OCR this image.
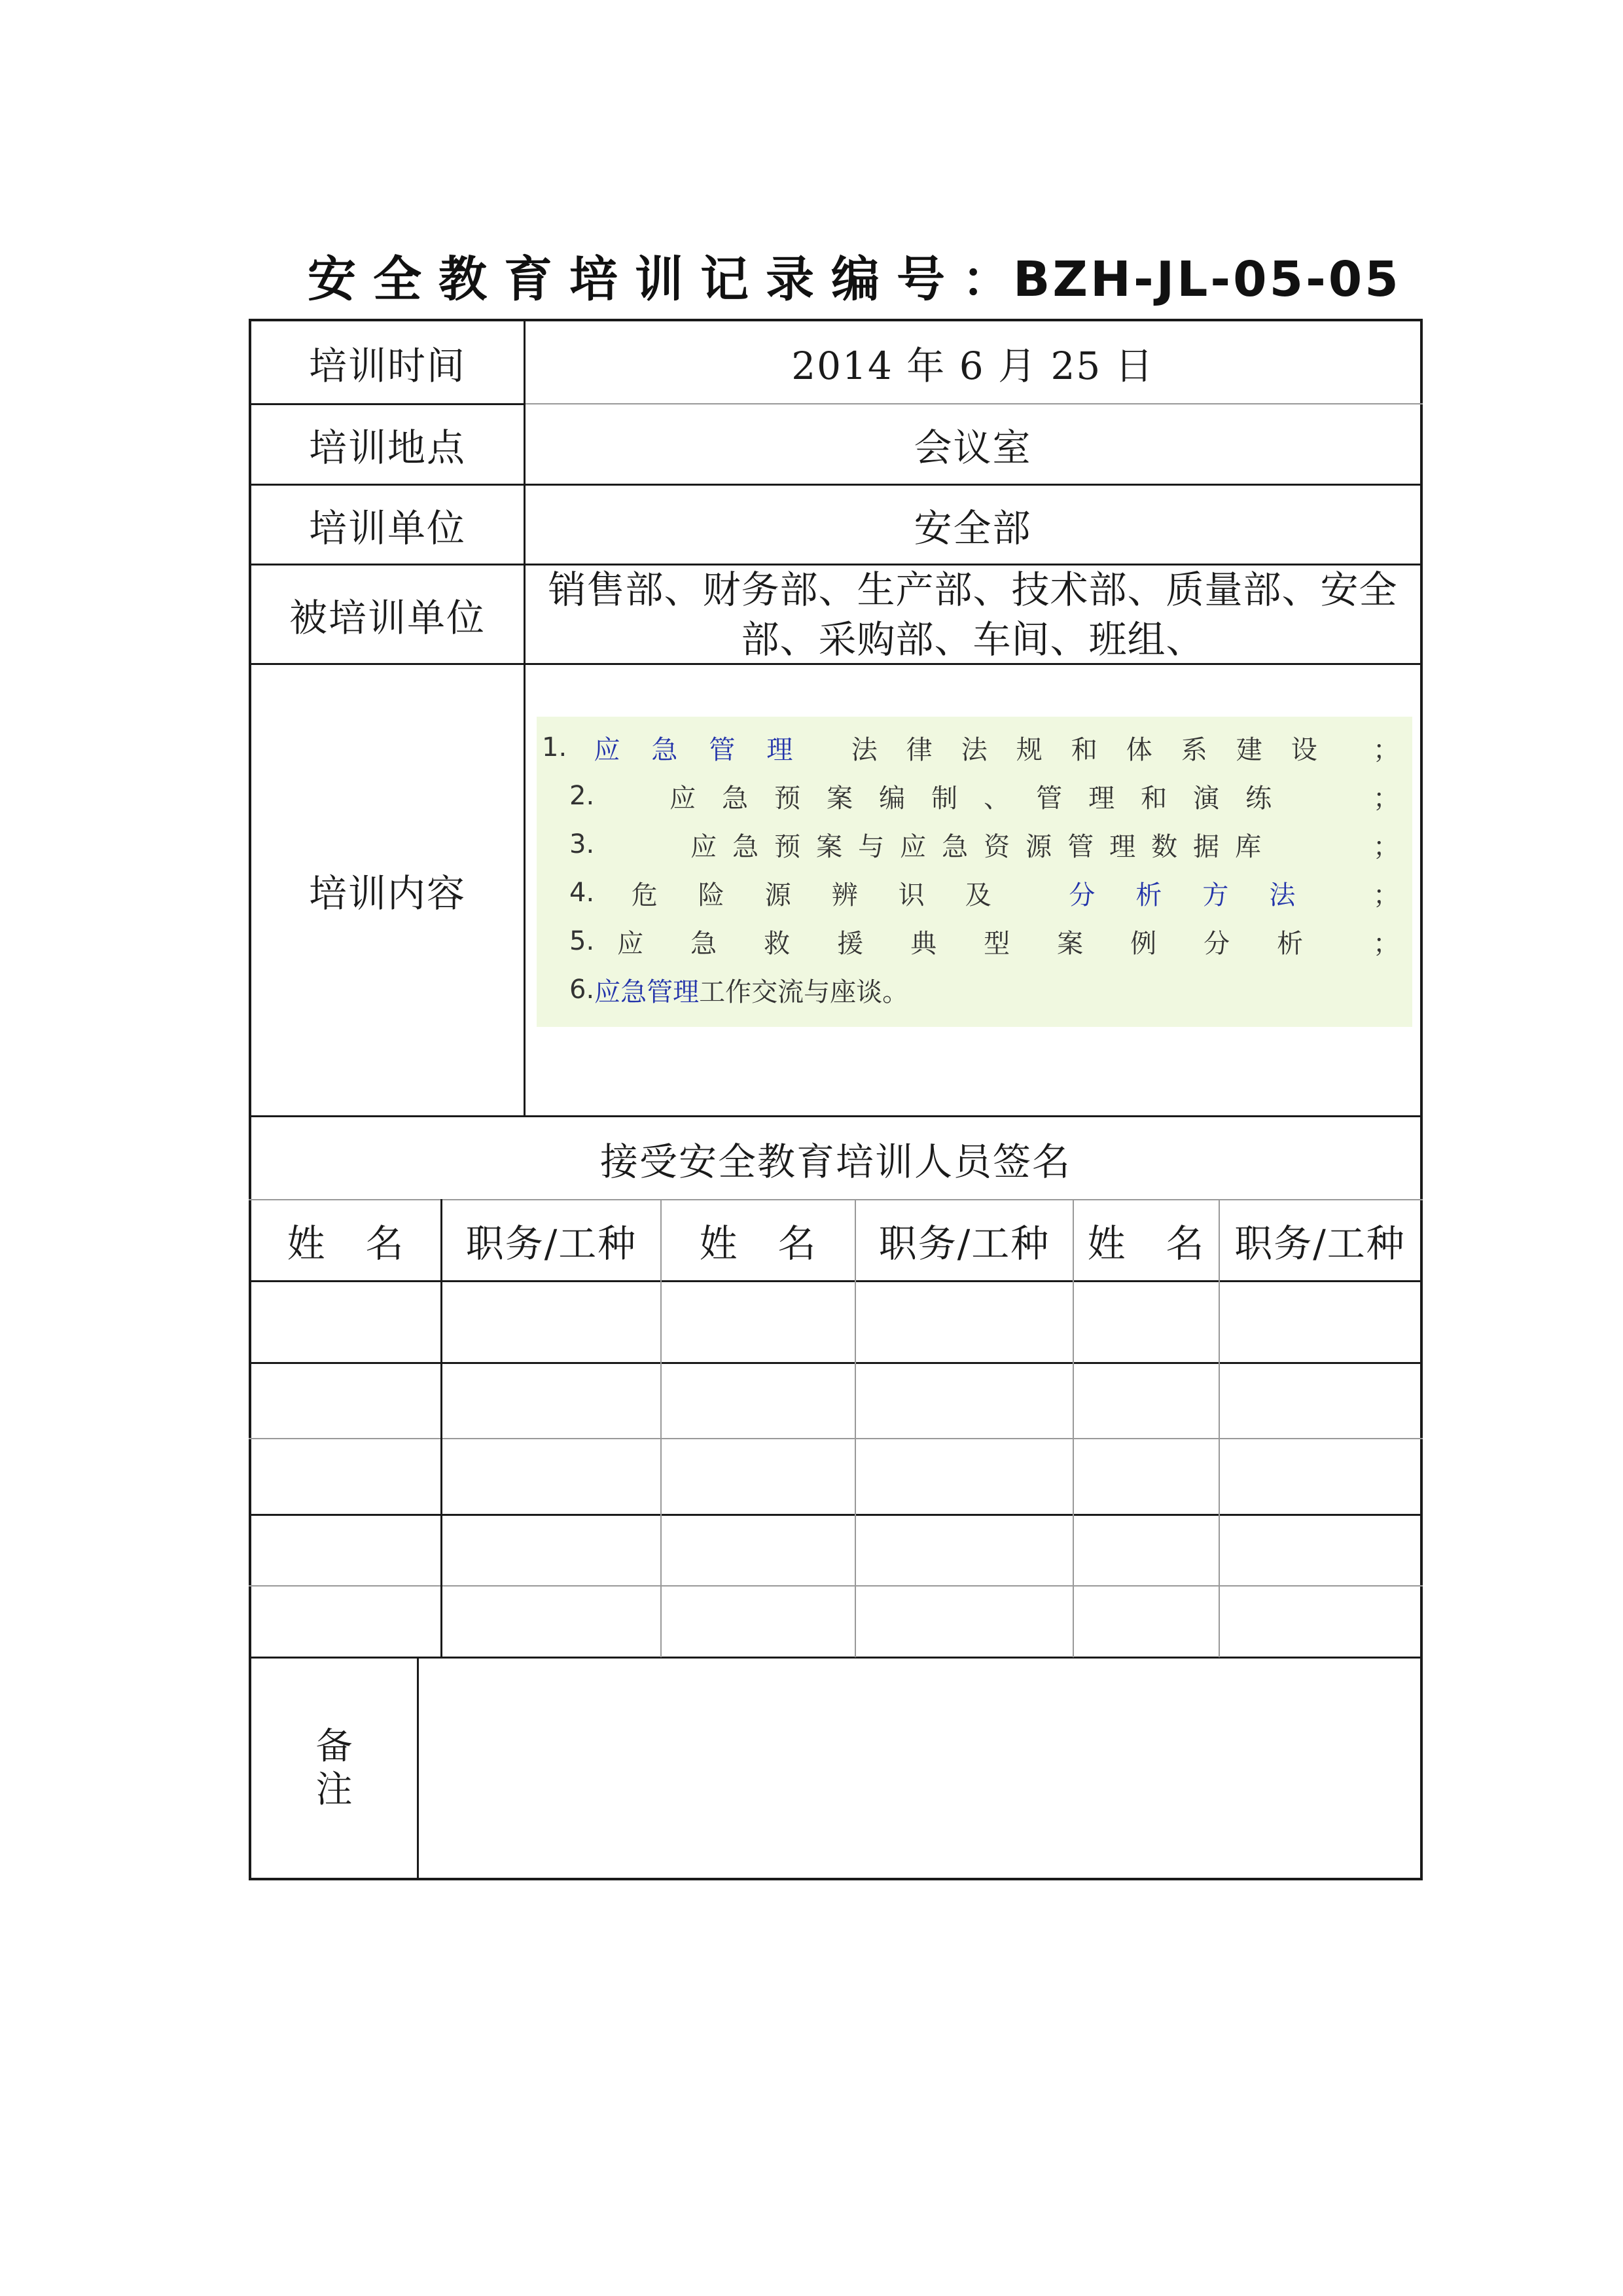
安全教育培训记录编号：BZH-JL-05-05
培训时间	2014 年 6 月 25 日
培训地点	会议室
培训单位	安全部
被培训单位
销售部、财务部、生产部、技术部、质量部、安全
部、采购部、车间、班组、
培训内容
1. 应急管理 法律法规和体系建设 ；
2.	应急预案编制、管理和演练	；
3.	应急预案与应急资源管理数据库	；
4. 危险源辨识及 分析方法 ；
5. 应急救援典型案例分析 ；
6. 应急管理 工作交流与座谈。
接受安全教育培训人员签名
姓　名	职务/工种	姓　名	职务/工种 姓　名 职务/工种
备
注
